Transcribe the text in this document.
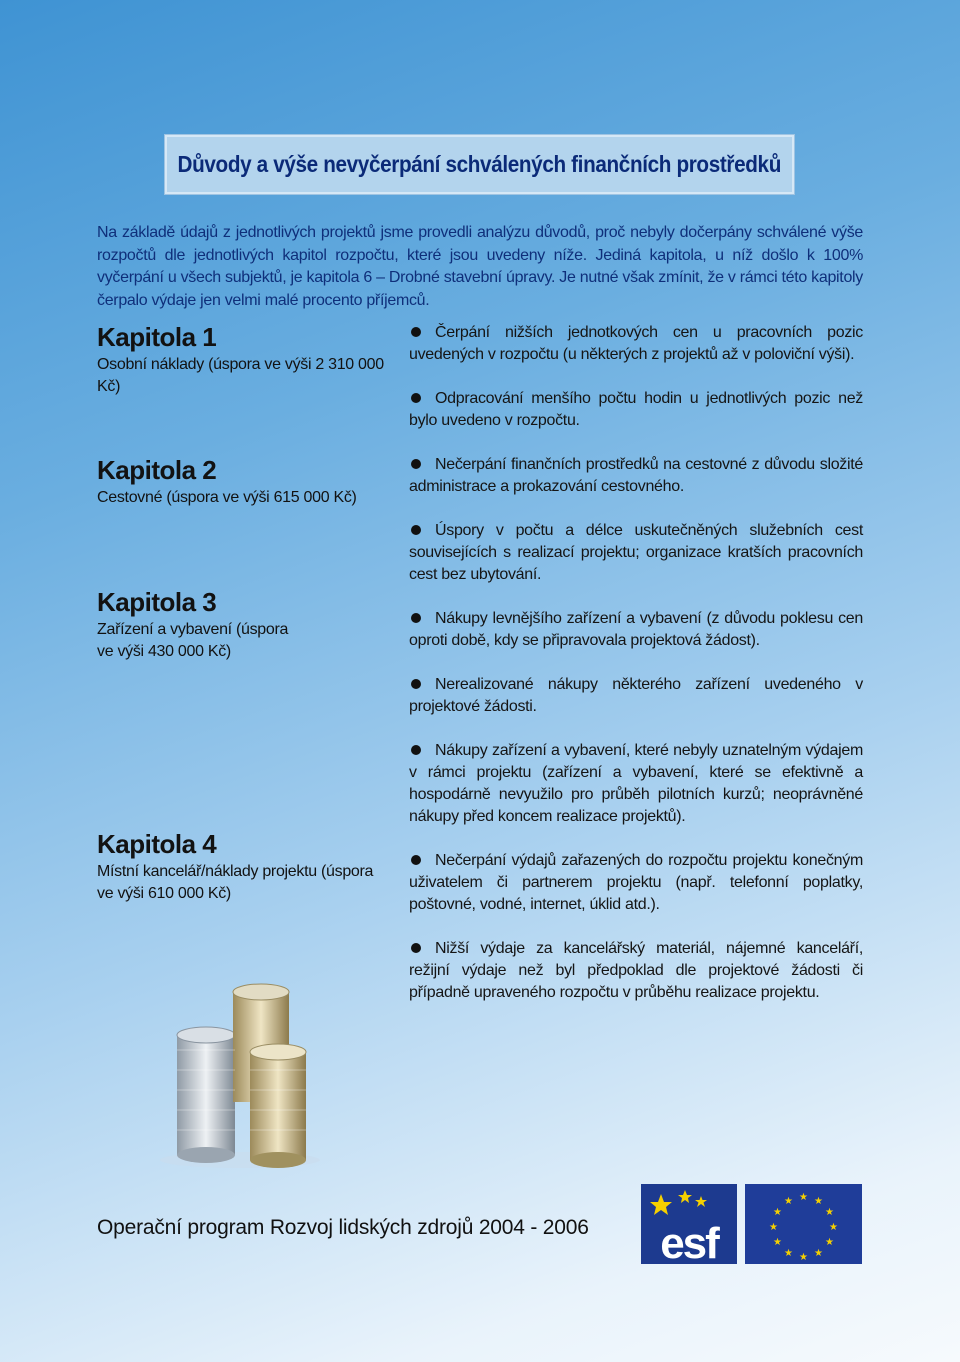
Důvody a výše nevyčerpání schválených finančních prostředků

Na základě údajů z jednotlivých projektů jsme provedli analýzu důvodů, proč nebyly dočerpány schválené výše rozpočtů dle jednotlivých kapitol rozpočtu, které jsou uvedeny níže. Jediná kapitola, u níž došlo k 100% vyčerpání u všech subjektů, je kapitola 6 – Drobné stavební úpravy. Je nutné však zmínit, že v rámci této kapitoly čerpalo výdaje jen velmi malé procento příjemců.

Kapitola 1
Osobní náklady (úspora ve výši 2 310 000 Kč)
Kapitola 2
Cestovné (úspora ve výši 615 000 Kč)
Kapitola 3
Zařízení a vybavení (úspora ve výši 430 000 Kč)
Kapitola 4
Místní kancelář/náklady projektu (úspora ve výši 610 000 Kč)
Čerpání nižších jednotkových cen u pracovních pozic uvedených v rozpočtu (u některých z projektů až v poloviční výši).
Odpracování menšího počtu hodin u jednotlivých pozic než bylo uvedeno v rozpočtu.
Nečerpání finančních prostředků na cestovné z důvodu složité administrace a prokazování cestovného.
Úspory v počtu a délce uskutečněných služebních cest souvisejících s realizací projektu; organizace kratších pracovních cest bez ubytování.
Nákupy levnějšího zařízení a vybavení (z důvodu poklesu cen oproti době, kdy se připravovala projektová žádost).
Nerealizované nákupy některého zařízení uvedeného v projektové žádosti.
Nákupy zařízení a vybavení, které nebyly uznatelným výdajem v rámci projektu (zařízení a vybavení, které se efektivně a hospodárně nevyužilo pro průběh pilotních kurzů; neoprávněné nákupy před koncem realizace projektů).
Nečerpání výdajů zařazených do rozpočtu projektu konečným uživatelem či partnerem projektu (např. telefonní poplatky, poštovné, vodné, internet, úklid atd.).
Nižší výdaje za kancelářský materiál, nájemné kanceláří, režijní výdaje než byl předpoklad dle projektové žádosti či případně upraveného rozpočtu v průběhu realizace projektu.
Operační program Rozvoj lidských zdrojů 2004 - 2006 esf
★ ★
★
★
★
★
★
★
★
★
★
★
